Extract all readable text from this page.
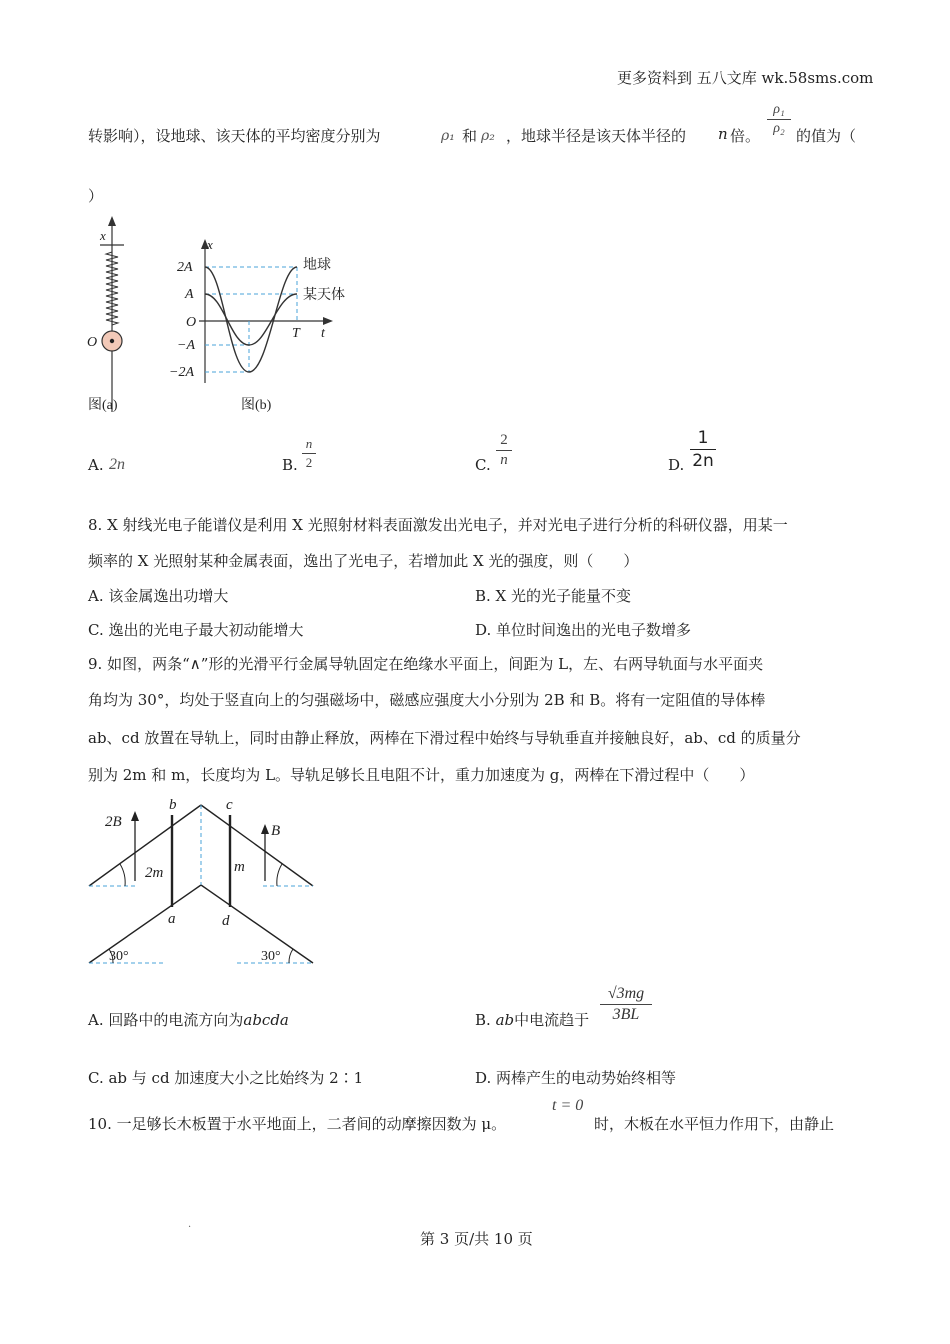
更多资料到 五八文库 wk.58sms.com
转影响），设地球、该天体的平均密度分别为	ρ₁ 和 ρ₂ ，地球半径是该天体半径的 n 倍。
ρ₁
ρ₂ 的值为（
）
x
O
图(a)
x
2A
A
O
−A
−2A
T t
地球
某天体
图(b)
A. 2n	B.
n
2	C.
2
n	D.
1
2n
8. X 射线光电子能谱仪是利用 X 光照射材料表面激发出光电子，并对光电子进行分析的科研仪器，用某一
频率的 X 光照射某种金属表面，逸出了光电子，若增加此 X 光的强度，则（　　）
A. 该金属逸出功增大	B. X 光的光子能量不变
C. 逸出的光电子最大初动能增大	D. 单位时间逸出的光电子数增多
9. 如图，两条“∧”形的光滑平行金属导轨固定在绝缘水平面上，间距为 L，左、右两导轨面与水平面夹
角均为 30°，均处于竖直向上的匀强磁场中，磁感应强度大小分别为 2B 和 B。将有一定阻值的导体棒
ab、cd 放置在导轨上，同时由静止释放，两棒在下滑过程中始终与导轨垂直并接触良好，ab、cd 的质量分
别为 2m 和 m，长度均为 L。导轨足够长且电阻不计，重力加速度为 g，两棒在下滑过程中（　　）
2B
B
b	c
a	d
2m	m
30°	30°
A. 回路中的电流方向为abcda	B. ab中电流趋于
√3mg
3BL
C. ab 与 cd 加速度大小之比始终为 2∶1	D. 两棒产生的电动势始终相等
10. 一足够长木板置于水平地面上，二者间的动摩擦因数为 μ。
t = 0
时，木板在水平恒力作用下，由静止
·
第 3 页/共 10 页
